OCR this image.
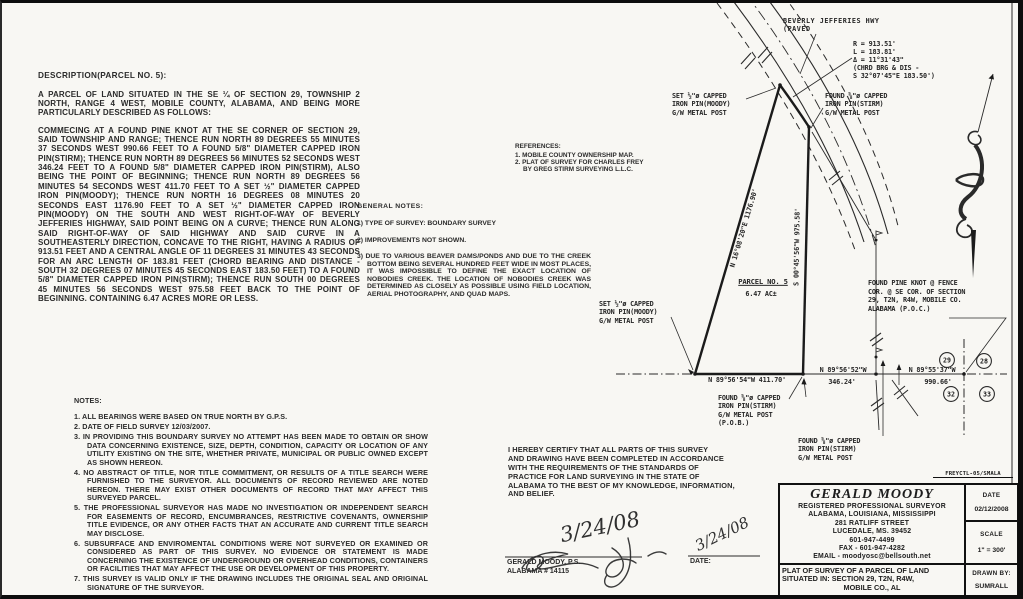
29	28
32	33
DESCRIPTION(PARCEL NO. 5):

A PARCEL OF LAND SITUATED IN THE SE ¼ OF SECTION 29, TOWNSHIP 2 NORTH, RANGE 4 WEST, MOBILE COUNTY, ALABAMA, AND BEING MORE PARTICULARLY DESCRIBED AS FOLLOWS:

COMMECING AT A FOUND PINE KNOT AT THE SE CORNER OF SECTION 29, SAID TOWNSHIP AND RANGE; THENCE RUN NORTH 89 DEGREES 55 MINUTES 37 SECONDS WEST 990.66 FEET TO A FOUND 5/8" DIAMETER CAPPED IRON PIN(STIRM); THENCE RUN NORTH 89 DEGREES 56 MINUTES 52 SECONDS WEST 346.24 FEET TO A FOUND 5/8" DIAMETER CAPPED IRON PIN(STIRM), ALSO BEING THE POINT OF BEGINNING; THENCE RUN NORTH 89 DEGREES 56 MINUTES 54 SECONDS WEST 411.70 FEET TO A SET ½" DIAMETER CAPPED IRON PIN(MOODY); THENCE RUN NORTH 16 DEGREES 08 MINUTES 20 SECONDS EAST 1176.90 FEET TO A SET ½" DIAMETER CAPPED IRON PIN(MOODY) ON THE SOUTH AND WEST RIGHT-OF-WAY OF BEVERLY JEFFERIES HIGHWAY, SAID POINT BEING ON A CURVE; THENCE RUN ALONG SAID RIGHT-OF-WAY OF SAID HIGHWAY AND SAID CURVE IN A SOUTHEASTERLY DIRECTION, CONCAVE TO THE RIGHT, HAVING A RADIUS OF 913.51 FEET AND A CENTRAL ANGLE OF 11 DEGREES 31 MINUTES 43 SECONDS FOR AN ARC LENGTH OF 183.81 FEET (CHORD BEARING AND DISTANCE - SOUTH 32 DEGREES 07 MINUTES 45 SECONDS EAST 183.50 FEET) TO A FOUND 5/8" DIAMETER CAPPED IRON PIN(STIRM); THENCE RUN SOUTH 00 DEGREES 45 MINUTES 56 SECONDS WEST 975.58 FEET BACK TO THE POINT OF BEGINNING. CONTAINING 6.47 ACRES MORE OR LESS.

NOTES:
1. ALL BEARINGS WERE BASED ON TRUE NORTH BY G.P.S.
2. DATE OF FIELD SURVEY 12/03/2007.
3. IN PROVIDING THIS BOUNDARY SURVEY NO ATTEMPT HAS BEEN MADE TO OBTAIN OR SHOW DATA CONCERNING EXISTENCE, SIZE, DEPTH, CONDITION, CAPACITY OR LOCATION OF ANY UTILITY EXISTING ON THE SITE, WHETHER PRIVATE, MUNICIPAL OR PUBLIC OWNED EXCEPT AS SHOWN HEREON.
4. NO ABSTRACT OF TITLE, NOR TITLE COMMITMENT, OR RESULTS OF A TITLE SEARCH WERE FURNISHED TO THE SURVEYOR. ALL DOCUMENTS OF RECORD REVIEWED ARE NOTED HEREON. THERE MAY EXIST OTHER DOCUMENTS OF RECORD THAT MAY AFFECT THIS SURVEYED PARCEL.
5. THE PROFESSIONAL SURVEYOR HAS MADE NO INVESTIGATION OR INDEPENDENT SEARCH FOR EASEMENTS OF RECORD, ENCUMBRANCES, RESTRICTIVE COVENANTS, OWNERSHIP TITLE EVIDENCE, OR ANY OTHER FACTS THAT AN ACCURATE AND CURRENT TITLE SEARCH MAY DISCLOSE.
6. SUBSURFACE AND ENVIROMENTAL CONDITIONS WERE NOT SURVEYED OR EXAMINED OR CONSIDERED AS PART OF THIS SURVEY. NO EVIDENCE OR STATEMENT IS MADE CONCERNING THE EXISTENCE OF UNDERGROUND OR OVERHEAD CONDITIONS, CONTAINERS OR FACILITIES THAT MAY AFFECT THE USE OR DEVELOPMENT OF THIS PROPERTY.
7. THIS SURVEY IS VALID ONLY IF THE DRAWING INCLUDES THE ORIGINAL SEAL AND ORIGINAL SIGNATURE OF THE SURVEYOR.
REFERENCES:
1. MOBILE COUNTY OWNERSHIP MAP.
2. PLAT OF SURVEY FOR CHARLES FREY BY GREG STIRM SURVEYING L.L.C.
GENERAL NOTES:
1) TYPE OF SURVEY: BOUNDARY SURVEY
2) IMPROVEMENTS NOT SHOWN.
3) DUE TO VARIOUS BEAVER DAMS/PONDS AND DUE TO THE CREEK BOTTOM BEING SEVERAL HUNDRED FEET WIDE IN MOST PLACES, IT WAS IMPOSSIBLE TO DEFINE THE EXACT LOCATION OF NOBODIES CREEK. THE LOCATION OF NOBODIES CREEK WAS DETERMINED AS CLOSELY AS POSSIBLE USING FIELD LOCATION, AERIAL PHOTOGRAPHY, AND QUAD MAPS.
BEVERLY JEFFERIES HWY
(PAVED
R = 913.51'
L = 183.81'
Δ = 11°31'43"
(CHRD BRG & DIS -
S 32°07'45"E 183.50')
SET ½"ø CAPPED
IRON PIN(MOODY)
G/W METAL POST
FOUND ⅝"ø CAPPED
IRON PIN(STIRM)
G/W METAL POST
FOUND PINE KNOT @ FENCE
COR. @ SE COR. OF SECTION
29, T2N, R4W, MOBILE CO.
ALABAMA (P.O.C.)
SET ½"ø CAPPED
IRON PIN(MOODY)
G/W METAL POST
FOUND ⅝"ø CAPPED
IRON PIN(STIRM)
G/W METAL POST
(P.O.B.)
FOUND ⅝"ø CAPPED
IRON PIN(STIRM)
G/W METAL POST
PARCEL NO. 5
6.47 AC±
N 16°08'20"E 1176.90'	S 00°45'56"W 975.58'
N 89°56'54"W 411.70'
N 89°56'52"W
346.24'
N 89°55'37"W
990.66'
I HEREBY CERTIFY THAT ALL PARTS OF THIS SURVEY
AND DRAWING HAVE BEEN COMPLETED IN ACCORDANCE
WITH THE REQUIREMENTS OF THE STANDARDS OF
PRACTICE FOR LAND SURVEYING IN THE STATE OF
ALABAMA TO THE BEST OF MY KNOWLEDGE, INFORMATION,
AND BELIEF.
3/24/08	3/24/08
GERALD MOODY, P.S.
ALABAMA # 14115
DATE:
FREYCTL-05/SMALA
GERALD MOODY
REGISTERED PROFESSIONAL SURVEYOR
ALABAMA, LOUISIANA, MISSISSIPPI
281 RATLIFF STREET
LUCEDALE, MS. 39452
601-947-4499
FAX - 601-947-4282
EMAIL - moodyosc@bellsouth.net
PLAT OF SURVEY OF A PARCEL OF LAND
SITUATED IN: SECTION 29, T2N, R4W,
MOBILE CO., AL
DATE
02/12/2008
SCALE
1" = 300'
DRAWN BY:
SUMRALL
